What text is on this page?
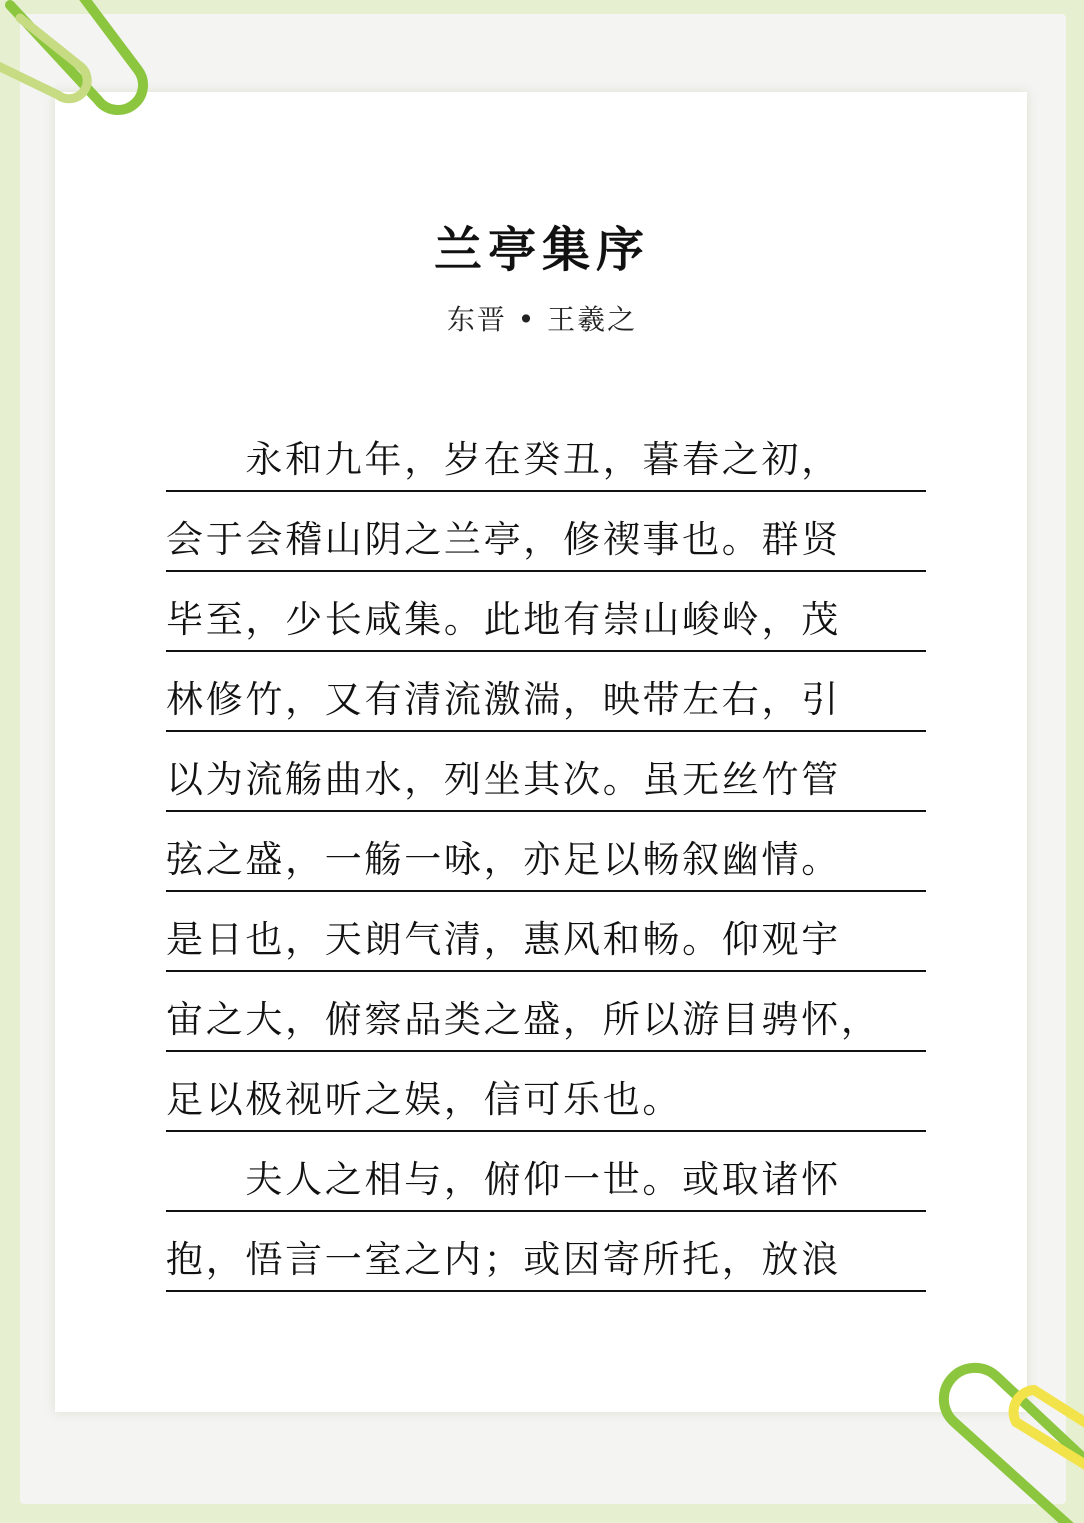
兰亭集序
东晋 • 王羲之
　　永和九年，岁在癸丑，暮春之初，
会于会稽山阴之兰亭，修禊事也。群贤
毕至，少长咸集。此地有崇山峻岭，茂
林修竹，又有清流激湍，映带左右，引
以为流觞曲水，列坐其次。虽无丝竹管
弦之盛，一觞一咏，亦足以畅叙幽情。
是日也，天朗气清，惠风和畅。仰观宇
宙之大，俯察品类之盛，所以游目骋怀，
足以极视听之娱，信可乐也。
　　夫人之相与，俯仰一世。或取诸怀
抱，悟言一室之内；或因寄所托，放浪
